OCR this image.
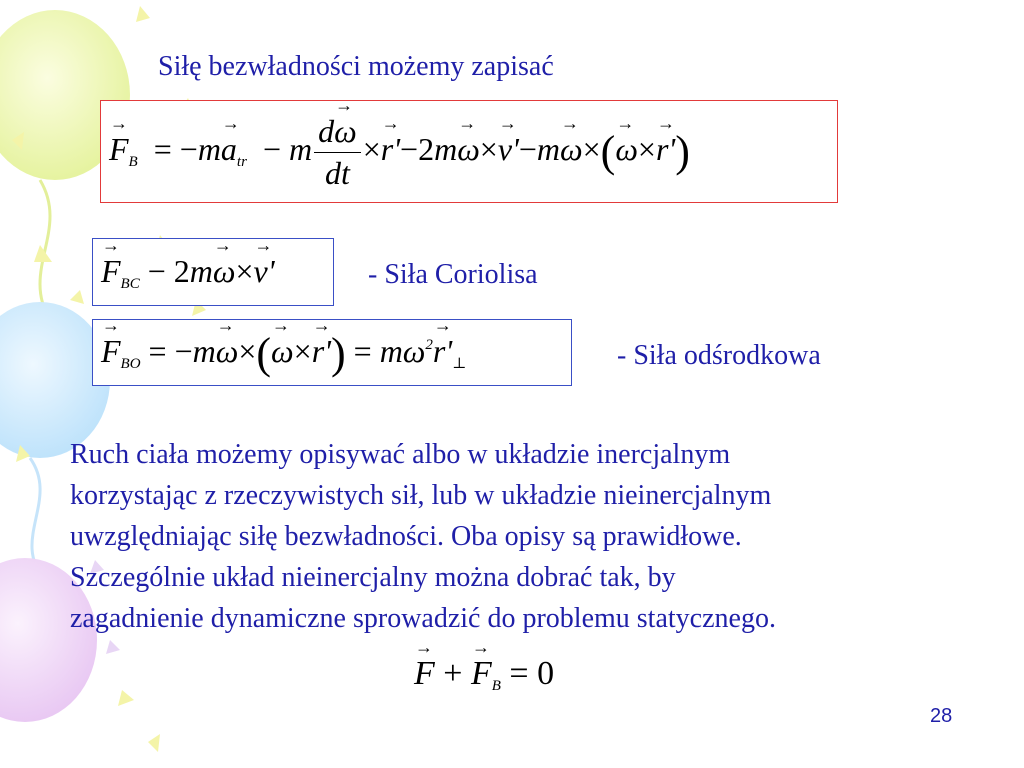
Siłę bezwładności możemy zapisać

→ $F_B = -m\to a_{tr} - m \frac{d\to \omega}{dt} \times\to r'-2m\to \omega\times\to v'-m\to \omega\times(\to \omega\times\to r')$
→ $F_{BC} - 2m\to \omega\times\to v'$	- Siła Coriolisa

→ $F_{BO} = -m\to \omega\times(\to \omega\times\to r') = m\omega^2\to r'_\perp$	- Siła odśrodkowa

Ruch ciała możemy opisywać albo w układzie inercjalnym
korzystając z rzeczywistych sił, lub w układzie nieinercjalnym
uwzględniając siłę bezwładności. Oba opisy są prawidłowe.
Szczególnie układ nieinercjalny można dobrać tak, by
zagadnienie dynamiczne sprowadzić do problemu statycznego.
→ F + → $F_B = 0$
28
